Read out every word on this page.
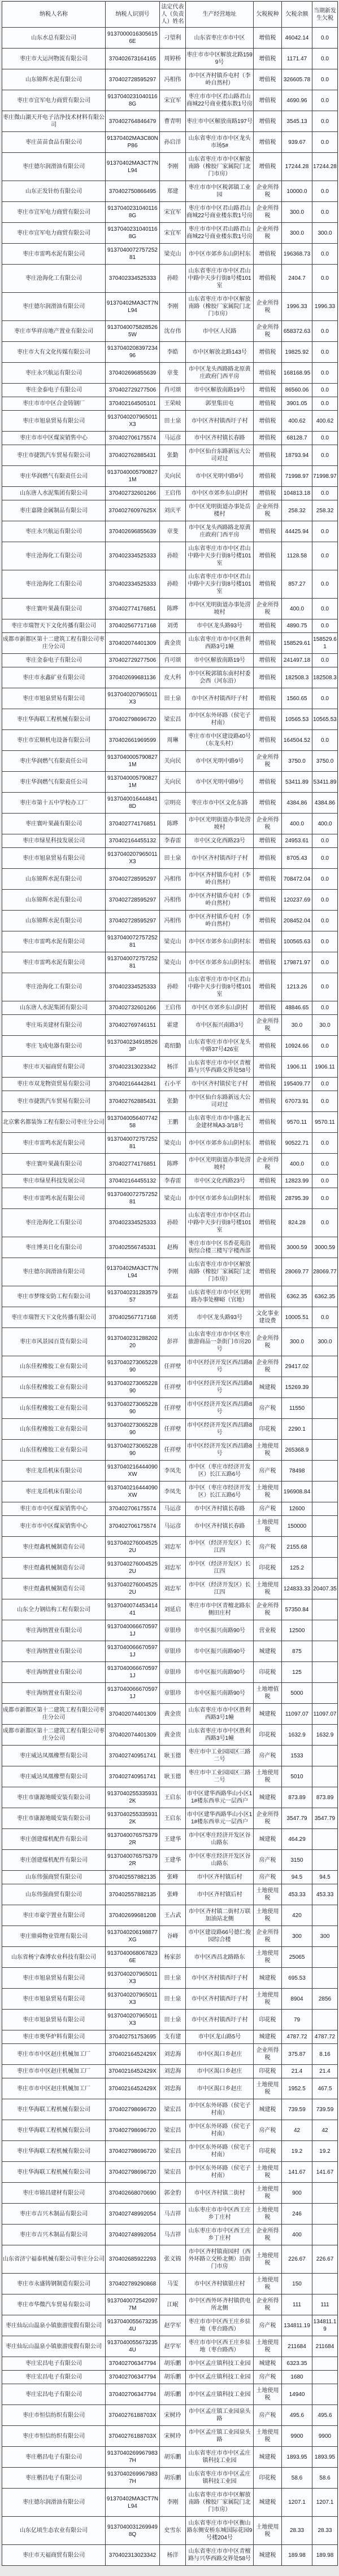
纳税人名称	纳税人识别号	法定代表人（负责人）姓名	生产经营地址	欠税税种	欠税余额	当期新发生欠税
山东水总有限公司	91370000163056156E	刁望利	山东省枣庄市市中区	增值税	46042.14	0.0
枣庄市大运河物流有限公司	370402673164165	周婷桥	枣庄市市中区解放北路1599号	增值税	1171.47	0.0
山东锦辉水泥有限公司	370402728595297	冯相伟	市中区齐村镇乔屯村（李岭自然村）	增值税	326605.78	0.0
枣庄市宜军电力商贸有限公司	91370402310401168G	宋宜军	枣庄市市中区君山路君山商城22号商业楼东数1号房	增值税	4690.96	0.0
枣庄微山湖天开电子洁净技术材料有限公司	370402764846479	曹青明	枣庄市中区解放南路197号	增值税	3545.13	0.0
枣庄苗苗食品有限公司	91370402MA3C80NP86	孙启洋	山东省枣庄市市中区龙头市场5#	增值税	939.67	0.0
枣庄德尔润滑油有限公司	91370402MA3CT7NL94	李刚	山东省枣庄市市中区解放南路（橡胶厂家属院门北门市房）	增值税	17244.28	17244.28
山东正发针纺有限公司	370402750866495	郑建	枣庄市市中区税郭镇工业园	企业所得税	10000.0	0.0
枣庄市宜军电力商贸有限公司	91370402310401168G	宋宜军	枣庄市市中区君山路君山商城22号商业楼东数1号房	企业所得税	300.0	0.0
枣庄市宜军电力商贸有限公司	91370402310401168G	宋宜军	枣庄市市中区君山路君山商城22号商业楼东数1号房	企业所得税	300.0	300.0
枣庄市雷鸣水泥有限公司	913704007275725281	梁克山	市中区市郊乡东山阴村东	增值税	196368.73	0.0
枣庄沧海化工有限公司	370402334525333	孙睦	山东省枣庄市市中区君山中路中天步行街8号楼101室	增值税	2404.7	0.0
枣庄德尔润滑油有限公司	91370402MA3CT7NL94	李刚	山东省枣庄市市中区解放南路（橡胶厂家属院门北门市房）	企业所得税	1996.33	1996.33
枣庄市华祥房地产置业有限公司	91370400758285265W	沈存伟	市中区人民路	企业所得税	658372.63	0.0
枣庄市大有文化传媒有限公司	913704020839723496	李皓	市中区解放北路143号	增值税	19825.92	0.0
枣庄永兴航运有限公司	370402696855639	章斐	市中区龙头西路路北原黄庄政府门西平房	增值税	168168.95	0.0
枣庄金泰电子有限公司	370402729277506	肖可颂	市中区解放南路19号	增值税	86560.06	0.0
枣庄市市中区合金铸钢厂	370402164505101	王荣岐	郭里集田屯	增值税	3901.05	0.0
枣庄市旭泉贸易有限公司	9137040207965011X3	田士泉	市中区齐村镇西圩子村	增值税	400.62	400.62
枣庄市市中区煤炭销售中心	370402706175574	马运彦	市中区齐村镇长春路	增值税	68128.7	0.0
枣庄市捷凯汽车贸易有限公司	370402762885431	张勤	市中区仙台东路新远大公司对过	增值税	18793.94	0.0
枣庄华润燃气有限责任公司	91370400057908271M	关向民	市中区光明中路9号	增值税	71998.97	71998.97
山东唐人水泥集团有限公司	370402732601266	王启伟	市中区市郊乡东山阴村	增值税	104813.18	0.0
枣庄嘉隆金属制品有限公司	37040276097625X	刘庆平	市中区光明街道办事处岳楼村	企业所得税	258.32	258.32
枣庄永兴航运有限公司	370402696855639	章斐	市中区龙头西路路北原黄庄政府门西平房	增值税	44425.94	0.0
枣庄沧海化工有限公司	370402334525333	孙睦	山东省枣庄市市中区君山中路中天步行街8号楼101室	增值税	1128.58	0.0
枣庄沧海化工有限公司	370402334525333	孙睦	山东省枣庄市市中区君山中路中天步行街8号楼101室	增值税	857.27	0.0
枣庄寰叶果蔬有限公司	370402774176851	陈晔	市中区光明街道办事处涝坡村	企业所得税	400.0	0.0
枣庄市瑞智天下文化传播有限公司	370402567717168	刘勇	市中区龙头路93号	增值税	4890.75	0.0
成都市新都区第十二建筑工程有限公司枣庄分公司	370402074401309	黄金贵	山东省枣庄市市中区胜利西路3号1幢	增值税	158529.61	158529.61
枣庄金泰电子有限公司	370402729277506	肖可颂	市中区解放南路19号	增值税	241497.18	0.0
枣庄市永鑫矿业有限公司	370402699681136	皮大科	市中区税郭镇东南村村委会西（河东沿）	增值税	182508.3	182508.3
枣庄市旭泉贸易有限公司	9137040207965011X3	田士泉	市中区齐村镇西圩子村	增值税	1560.65	0.0
枣庄华海联工程机械有限公司	370402798696720	梁宏昌	市中区东外环路（侯宅子村南）	增值税	10565.53	10565.53
枣庄市宏顺机电设备有限公司	370402661969599	周琳	枣庄市市中区建设路40号（东龙头村）	增值税	164504.52	0.0
枣庄华润燃气有限责任公司	91370400057908271M	关向民	市中区光明中路9号	企业所得税	3750.0	3750.0
枣庄华润燃气有限责任公司	91370400057908271M	关向民	市中区光明中路9号	增值税	53411.89	53411.89
枣庄市第十五中学校办工厂	91370400164448418D	宗明亮	枣庄市市中区文化东路	增值税	4384.86	4384.86
枣庄寰叶果蔬有限公司	370402774176851	陈晔	市中区光明街道办事处涝坡村	企业所得税	400.0	400.0
枣庄市绿星科技发展公司	370402164455132	李春雷	市中区文化西路23号	增值税	24953.61	0.0
枣庄市旭泉贸易有限公司	9137040207965011X3	田士泉	市中区齐村镇西圩子村	增值税	8705.43	0.0
山东锦辉水泥有限公司	370402728595297	冯相伟	市中区齐村镇乔屯村（李岭自然村）	增值税	708472.04	0.0
山东锦辉水泥有限公司	370402728595297	冯相伟	市中区齐村镇乔屯村（李岭自然村）	增值税	120237.69	0.0
山东锦辉水泥有限公司	370402728595297	冯相伟	市中区齐村镇乔屯村（李岭自然村）	增值税	208452.04	0.0
枣庄市雷鸣水泥有限公司	913704007275725281	梁克山	市中区市郊乡东山阴村东	增值税	100565.63	0.0
枣庄市雷鸣水泥有限公司	913704007275725281	梁克山	市中区市郊乡东山阴村东	增值税	179871.97	0.0
枣庄沧海化工有限公司	370402334525333	孙睦	山东省枣庄市市中区君山中路中天步行街8号楼101室	增值税	1213.26	0.0
山东唐人水泥集团有限公司	370402732601266	王启伟	市中区市郊乡东山阴村	增值税	48846.65	0.0
枣庄坧美建材有限公司	370402769746151	霍建	市中区振兴南路3号	企业所得税	30.0	30.0
枣庄飞成电器有限公司	91370402349185263P	葛绍勤	山东省枣庄市市中区龙头中路37号426室	增值税	10924.66	0.0
枣庄市天福商贸有限公司	370402313023342	杨洋	山东省枣庄市市中区青檀路与兴华西路交界处58号	增值税	1906.11	1906.11
枣庄市双龙物资贸易有限公司	370402164442841	石小平	市中区齐村镇侯宅子村	增值税	195409.77	0.0
枣庄市捷凯汽车贸易有限公司	370402762885431	张勤	市中区仙台东路新远大公司对过	增值税	67073.91	0.0
北京紫名都装饰工程有限公司枣庄分公司	913704005640774258	王鹏	山东省枣庄市市中盛北五金建材城A3-3/18号	增值税	9570.11	9570.11
枣庄市雷鸣水泥有限公司	913704007275725281	梁克山	市中区市郊乡东山阴村东	增值税	90522.71	0.0
枣庄寰叶果蔬有限公司	370402774176851	陈晔	市中区光明街道办事处涝坡村	企业所得税	400.0	0.0
枣庄市绿星科技发展公司	370402164455132	李春雷	市中区文化西路23号	增值税	12823.99	0.0
枣庄市雷鸣水泥有限公司	913704007275725281	梁克山	市中区市郊乡东山阴村东	增值税	28795.39	0.0
枣庄沧海化工有限公司	370402334525333	孙睦	山东省枣庄市市中区君山中路中天步行街8号楼101室	增值税	824.28	0.0
枣庄博美日化有限公司	370402556745331	赵梅	枣庄市市中区书香花苑沿街综合楼三楼写字楼西部	增值税	3000.59	3000.59
枣庄德尔润滑油有限公司	91370402MA3CT7NL94	李刚	山东省枣庄市市中区解放南路（橡胶厂家属院门北门市房）	增值税	28069.77	28069.77
枣庄市梦缘安防工程有限公司	913704023128357957	张磊	山东省枣庄市市中区光明路办事处柳峪（官地）	增值税	6362.35	6362.35
枣庄市瑞智天下文化传播有限公司	370402567717168	刘勇	市中区龙头路93号	文化事业建设费	10005.51	0.0
枣庄市风景园百货有限公司	913704023128820220	彭祥	山东省枣庄市市中区枣庄旅游商品一条街门市房20号	企业所得税	300.0	300.0
山东佳程橡胶工业有限公司	913704027306522890	任祥壁	市中区经济开发区西昌路8号	企业所得税	29417.02	
山东佳程橡胶工业有限公司	913704027306522890	任祥壁	市中区经济开发区西昌路8号	城建税	15269.39	
山东佳程橡胶工业有限公司	913704027306522890	任祥壁	市中区经济开发区西昌路8号	房产税	11550	
山东佳程橡胶工业有限公司	913704027306522890	任祥壁	市中区经济开发区西昌路8号	印花税	2290.1	
山东佳程橡胶工业有限公司	913704027306522890	任祥壁	市中区经济开发区西昌路8号	土地使用税	265368.9	
枣庄龙岳机床有限公司	9137040216444090XW	李凤先	市中区（枣庄市经济开发区）长江五路6号	房产税	78498	
枣庄龙岳机床有限公司	9137040216444090XW	李凤先	市中区（枣庄市经济开发区）长江五路6号	土地使用税	196908.84	
枣庄市市中区煤炭销售中心	370402706175574	马运彦	市中区齐村镇长春路	房产税	12600	
枣庄市市中区煤炭销售中心	370402706175574	马运彦	市中区齐村镇长春路	土地使用税	150000	
枣庄煜鑫机械制造有公司	91370402760045252U	刘忠军	市中区（经济开发区）长江四	房产税	2155.68	
枣庄煜鑫机械制造有公司	91370402760045252U	刘忠军	市中区（经济开发区）长江四	印花税	125.2	
枣庄煜鑫机械制造有公司	91370402760045252U	刘忠军	市中区（经济开发区）长江四	土地使用税	124833.33	20407.35
山东全力钢结构工程有限公司	913704007445341441	刘延启	枣庄市市中区青檀北路东侧田庄村	企业所得税	57350.84	
枣庄海纳置业有限公司	91370400666705971J	章银珍	市中区振兴南路90号	营业税	12500	
枣庄海纳置业有限公司	91370400666705971J	章银珍	市中区振兴南路90号	城建税	875	
枣庄海纳置业有限公司	91370400666705971J	章银珍	市中区振兴南路90号	印花税	125	
枣庄海纳置业有限公司	91370400666705971J	章银珍	市中区振兴南路90号	土地增值税	5000	
成都市新都区第十二建筑工程有限公司枣庄分公司	370402074401309	黄金贵	山东省枣庄市市中区胜利西路3号1幢	城建税	11097.07	11097.07
成都市新都区第十二建筑工程有限公司枣庄分公司	370402074401309	黄金贵	山东省枣庄市市中区胜利西路3号1幢	印花税	1632.9	1632.9
枣庄威达凤凰橡塑有限公司	370402740951741	耿玉德	枣庄市中工业园园区三路二号	房产税	1533	
枣庄威达凤凰橡塑有限公司	370402740951741	耿玉德	枣庄市中工业园园区三路二号	土地使用税	5010	
枣庄市康源地暖安装有限公司	91370402553359312K	王启东	市中区建华西路华山小区11#楼东西单元一层西户	城建税	873.89	873.89
枣庄市康源地暖安装有限公司	91370402553359312K	王启东	市中区建华西路华山小区11#楼东西单元一层西户	企业所得税	3547.79	3547.79
枣庄创建煤机配件有限公司	91370400765753792R	王建华	市中区枣庄经济开发区谷山路东	城建税	464.29	
枣庄创建煤机配件有限公司	91370400765753792R	王建华	市中区枣庄经济开发区谷山路东	房产税	3150	
山东伟强商贸有限公司	370402557882135	张峰	市中区齐村镇后村	房产税	94.5	94.5
山东伟强商贸有限公司	370402557882135	张峰	市中区齐村镇后村	土地使用税	453.33	453.33
枣庄市豪宇置业有限公司	370402699681208	王占武	市中区齐村镇二街村万联加油站北侧	土地使用税	420	
枣庄鼎舜物业管理有限公司	9137040206198877XG	谷峰	市中区建设路66号德仁俊园综合楼	企业所得税	300	300
山东省杨宁森博农业科技有限公司	91370400680678236E	杨家彭	市中区西昌北路路东	土地使用税	25065	
枣庄市旭泉贸易有限公司	9137040207965011X3	田士泉	市中区齐村镇西圩子村	城建税	695.53	
枣庄市旭泉贸易有限公司	9137040207965011X3	田士泉	市中区齐村镇西圩子村	土地使用税	8904	2856
枣庄市旭泉贸易有限公司	9137040207965011X3	田士泉	市中区齐村镇西圩子村	印花税	79	
枣庄市奥华炉料有限公司	370402751753695	支有建	市中区龙山路5号	城建税	4787.72	4787.72
枣庄市市中区赵庄机械加工厂	37040216452429X	刘忠海	市中区渴口乡赵庄	企业所得税	375.87	8.16
枣庄市市中区赵庄机械加工厂	37040216452429X	刘忠海	市中区渴口乡赵庄	印花税	21.4	21.4
枣庄市市中区赵庄机械加工厂	37040216452429X	刘忠海	市中区渴口乡赵庄	土地使用税	1952.5	467.5
枣庄华海联工程机械有限公司	370402798696720	梁宏昌	市中区东外环路（侯宅子村南）	城建税	739.59	739.59
枣庄华海联工程机械有限公司	370402798696720	梁宏昌	市中区东外环路（侯宅子村南）	房产税	42	42
枣庄华海联工程机械有限公司	370402798696720	梁宏昌	市中区东外环路（侯宅子村南）	印花税	19.2	19.2
枣庄华海联工程机械有限公司	370402798696720	梁宏昌	市中区东外环路（侯宅子村南）	土地使用税	141.67	141.67
枣庄市锦昌建材有限公司	370402668070690	郭金豹	市中区齐村镇二街村	土地使用税	900	
枣庄市吉兴木制品有限公司	370402748992054	马吉祥	山东枣庄市市中区西王庄乡丁庄村	土地使用税	246	
枣庄市吉兴木制品有限公司	370402748992054	马吉祥	山东枣庄市市中区西王庄乡丁庄村	企业所得税	400	
山东省济宁福泰机械有限公司枣庄分公司	370402685922293	张义锦	市中区齐村镇南园村（西外环路立交桥北侧）沿街门市房	土地使用税	226.67	226.67
枣庄市永盛铸钢制造有限公司	370402789290868	马雯	市中区齐村镇银庄村	土地使用税	150	
枣庄市华微汽车贸易有限公司	91370400725420977M	江岷	市中区西外环齐村镇供电所北侧	企业所得税	111	111
枣庄仙坛山温泉小镇旅游度假有限公司	91370400556732354U	赵学军	枣庄市市中区西王庄乡驻地（枣台路西）	房产税	134811.19	134811.19
枣庄仙坛山温泉小镇旅游度假有限公司	91370400556732354U	赵学军	枣庄市市中区西王庄乡驻地（枣台路西）	土地使用税	211684	211684
枣庄宏昌电子有限公司	370402706347794	胡乐鹏	市中区孟庄镇科技工业园	城建税	6323.35	
枣庄宏昌电子有限公司	370402706347794	胡乐鹏	市中区孟庄镇科技工业园	房产税	1680	
枣庄宏昌电子有限公司	370402706347794	胡乐鹏	市中区孟庄镇科技工业园	土地使用税	14940	
枣庄市恒信纺织有限公司	37040276188703X	宋树玲	市中区孟庄镇工业园泉头路	房产税	495.6	495.6
枣庄市恒信纺织有限公司	37040276188703X	宋树玲	市中区孟庄镇工业园泉头路	土地使用税	9900	9900
枣庄楷昌电子有限公司	91370402699679837H	胡乐鹏	山东省枣庄市市中区孟庄镇科技工业园	城建税	1893.95	1893.95
枣庄楷昌电子有限公司	91370402699679837H	胡乐鹏	山东省枣庄市市中区孟庄镇科技工业园	印花税	58.6	58.6
枣庄德尔润滑油有限公司	91370402MA3CT7NL94	李刚	山东省枣庄市市中区解放南路（橡胶厂家属院门北门市房）	城建税	1207.1	1207.1
山东亿顷生态农业有限公司	91370400312699498Q	史雪东	山东省枣庄市市中区衡山路东侧安桥东城国际花园9号楼204号	土地使用税	28.33	28.33
枣庄市天福商贸有限公司	370402313023342	杨洋	山东省枣庄市市中区青檀路与兴华西路交界处58号	城建税	189.98	189.98
